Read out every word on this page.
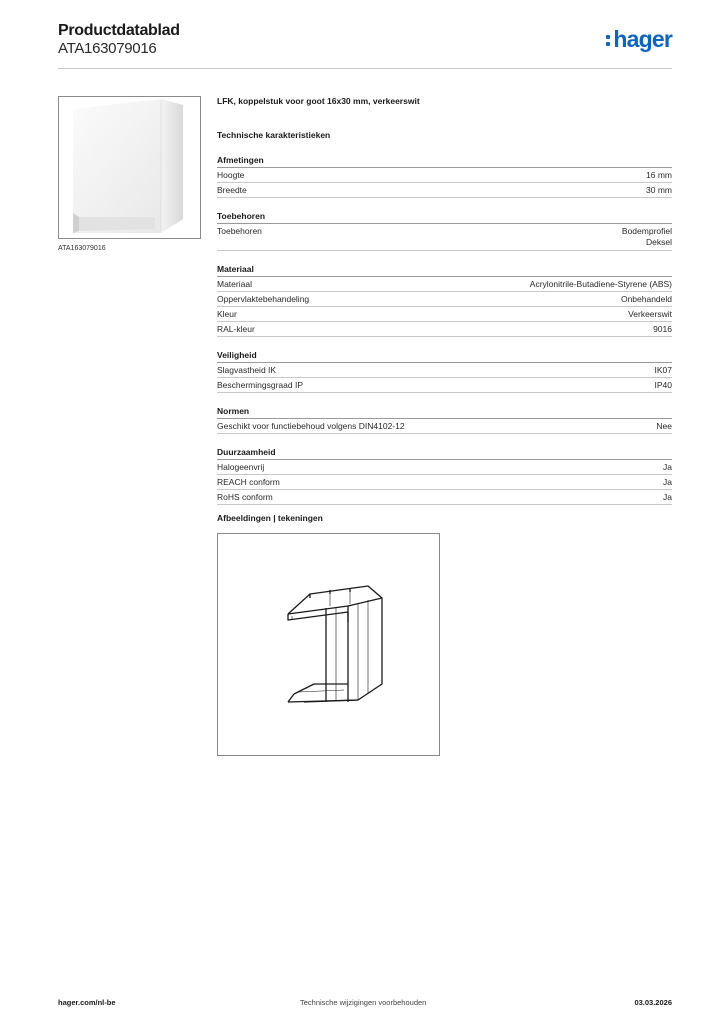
Productdatablad
ATA163079016	hager
ATA163079016
LFK, koppelstuk voor goot 16x30 mm, verkeerswit
Technische karakteristieken
Afmetingen
Hoogte	16 mm
Breedte	30 mm
Toebehoren
Toebehoren	Bodemprofiel
Deksel
Materiaal
Materiaal	Acrylonitrile-Butadiene-Styrene (ABS)
Oppervlaktebehandeling	Onbehandeld
Kleur	Verkeerswit
RAL-kleur	9016
Veiligheid
Slagvastheid IK	IK07
Beschermingsgraad IP	IP40
Normen
Geschikt voor functiebehoud volgens DIN4102-12	Nee
Duurzaamheid
Halogeenvrij	Ja
REACH conform	Ja
RoHS conform	Ja
Afbeeldingen | tekeningen
hager.com/nl-be	Technische wijzigingen voorbehouden	03.03.2026
